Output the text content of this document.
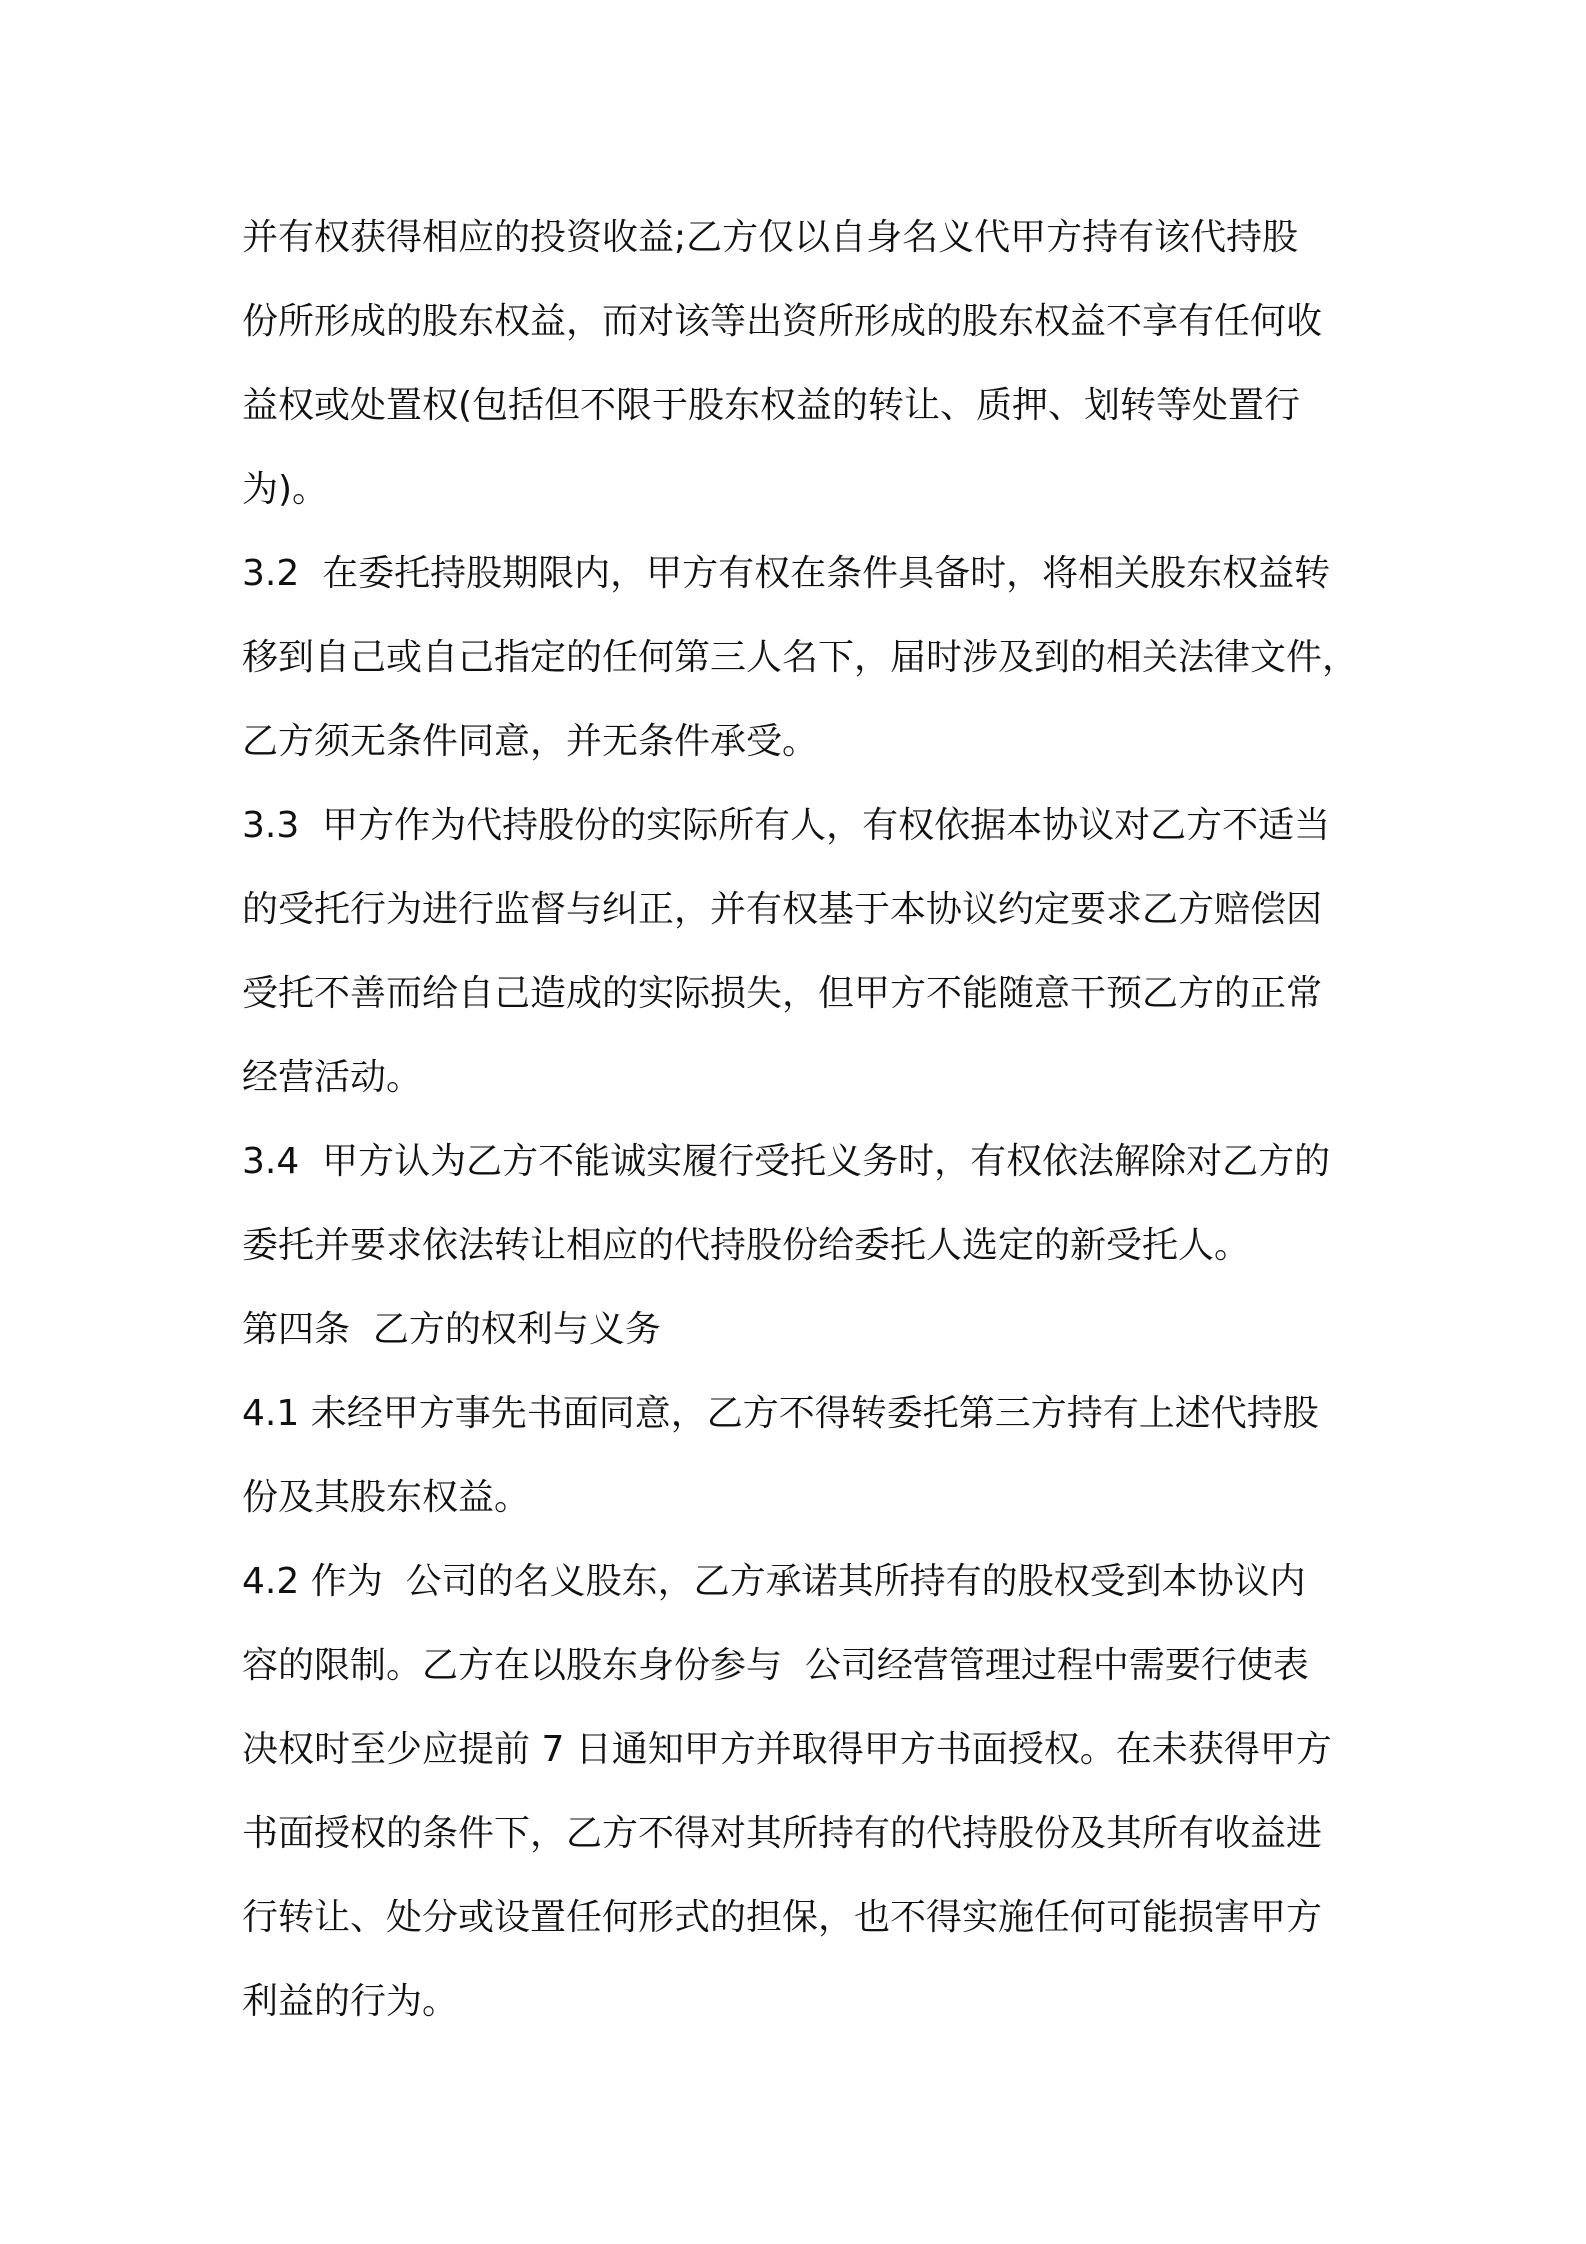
并有权获得相应的投资收益;乙方仅以自身名义代甲方持有该代持股
份所形成的股东权益，而对该等出资所形成的股东权益不享有任何收
益权或处置权(包括但不限于股东权益的转让、质押、划转等处置行
为)。
3.2  在委托持股期限内，甲方有权在条件具备时，将相关股东权益转
移到自己或自己指定的任何第三人名下，届时涉及到的相关法律文件，
乙方须无条件同意，并无条件承受。
3.3  甲方作为代持股份的实际所有人，有权依据本协议对乙方不适当
的受托行为进行监督与纠正，并有权基于本协议约定要求乙方赔偿因
受托不善而给自己造成的实际损失，但甲方不能随意干预乙方的正常
经营活动。
3.4  甲方认为乙方不能诚实履行受托义务时，有权依法解除对乙方的
委托并要求依法转让相应的代持股份给委托人选定的新受托人。
第四条  乙方的权利与义务
4.1 未经甲方事先书面同意，乙方不得转委托第三方持有上述代持股
份及其股东权益。
4.2 作为  公司的名义股东，乙方承诺其所持有的股权受到本协议内
容的限制。乙方在以股东身份参与  公司经营管理过程中需要行使表
决权时至少应提前 7 日通知甲方并取得甲方书面授权。在未获得甲方
书面授权的条件下，乙方不得对其所持有的代持股份及其所有收益进
行转让、处分或设置任何形式的担保，也不得实施任何可能损害甲方
利益的行为。
